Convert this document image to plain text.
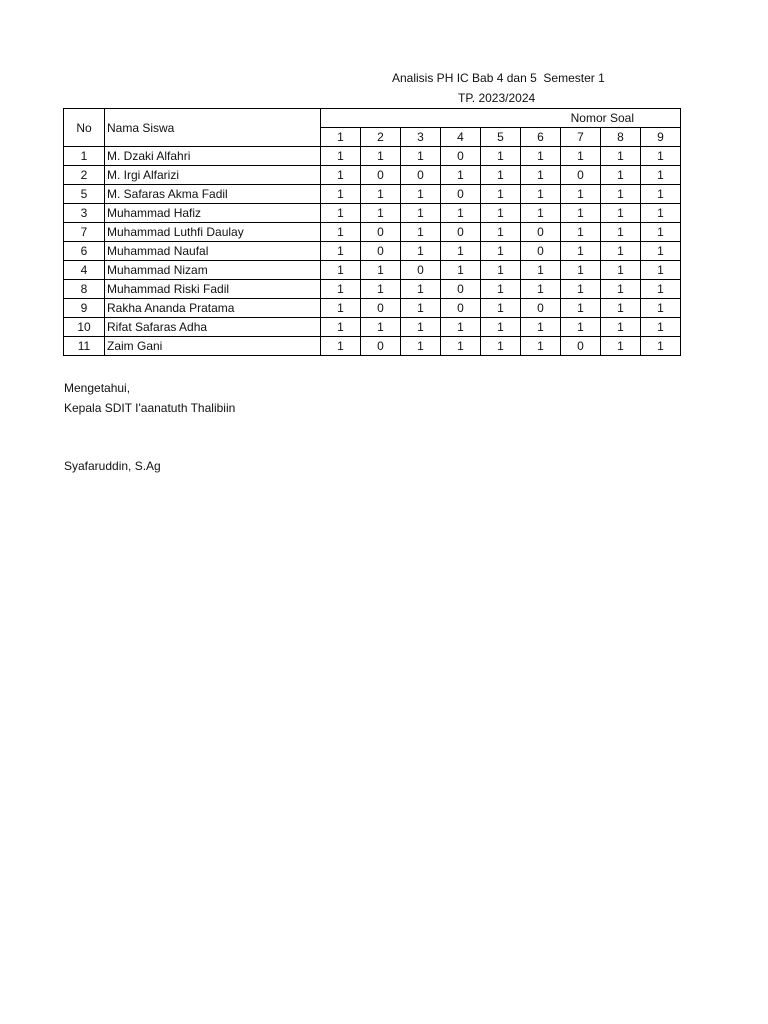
Analisis PH IC Bab 4 dan 5  Semester 1
TP. 2023/2024
No	Nama Siswa	Nomor Soal								
		1	2	3	4	5	6	7	8	9
1	M. Dzaki Alfahri	1	1	1	0	1	1	1	1	1
2	M. Irgi Alfarizi	1	0	0	1	1	1	0	1	1
5	M. Safaras Akma Fadil	1	1	1	0	1	1	1	1	1
3	Muhammad Hafiz	1	1	1	1	1	1	1	1	1
7	Muhammad Luthfi Daulay	1	0	1	0	1	0	1	1	1
6	Muhammad Naufal	1	0	1	1	1	0	1	1	1
4	Muhammad Nizam	1	1	0	1	1	1	1	1	1
8	Muhammad Riski Fadil	1	1	1	0	1	1	1	1	1
9	Rakha Ananda Pratama	1	0	1	0	1	0	1	1	1
10	Rifat Safaras Adha	1	1	1	1	1	1	1	1	1
11	Zaim Gani	1	0	1	1	1	1	0	1	1
Mengetahui,
Kepala SDIT I'aanatuth Thalibiin
Syafaruddin, S.Ag
